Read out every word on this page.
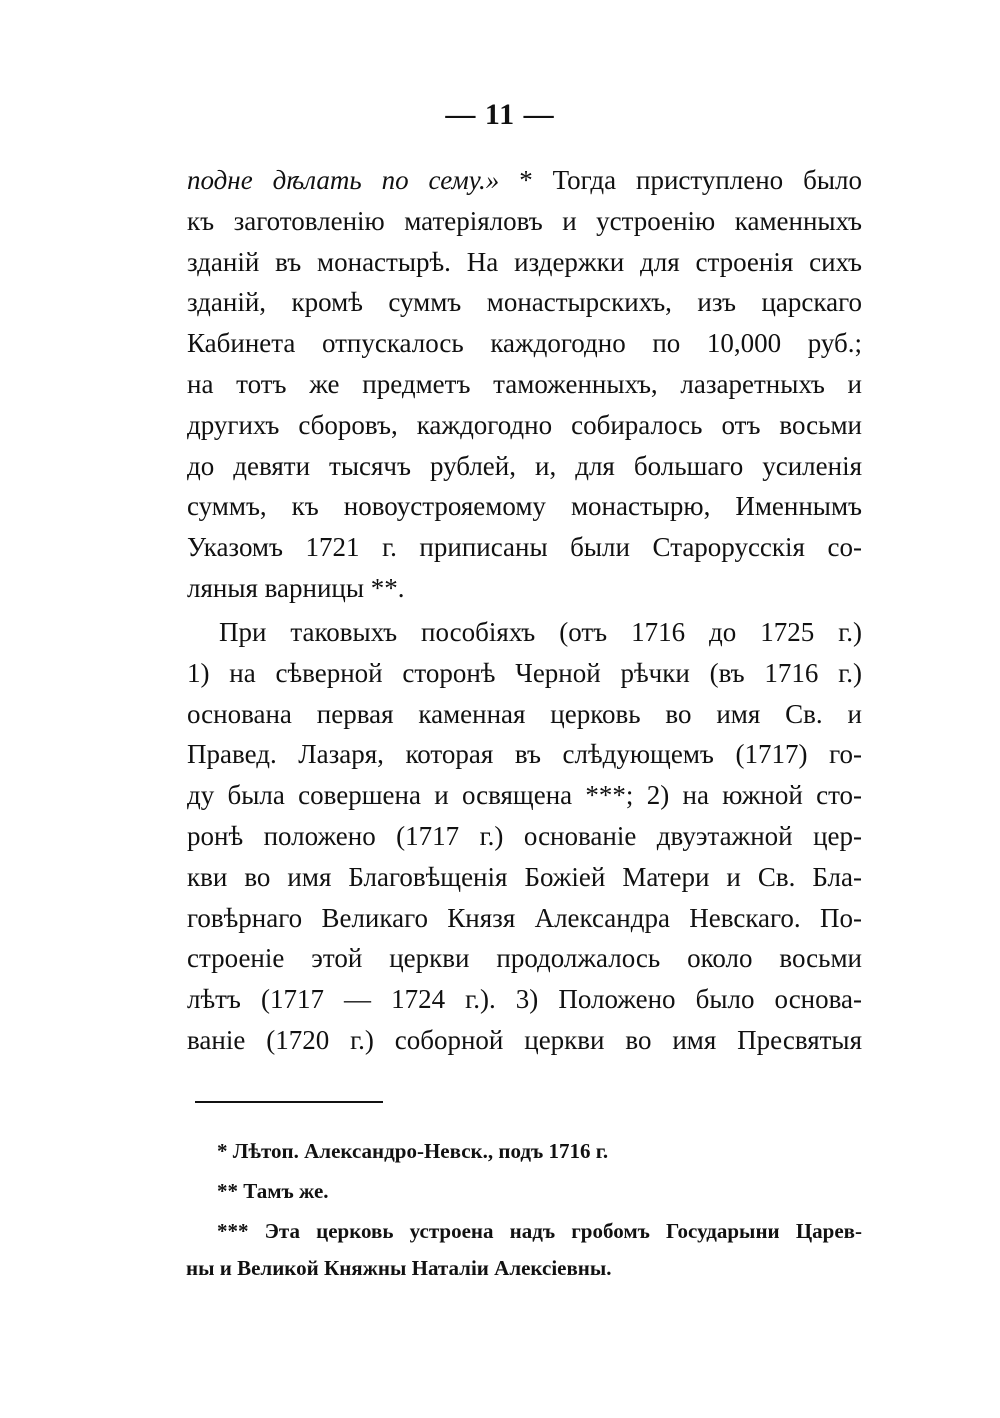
— 11 —
подне дѣлать по сему.» * Тогда приступлено было
къ заготовленію матеріяловъ и устроенію каменныхъ
зданій въ монастырѣ. На издержки для строенія сихъ
зданій, кромѣ суммъ монастырскихъ, изъ царскаго
Кабинета отпускалось каждогодно по 10,000 руб.;
на тотъ же предметъ таможенныхъ, лазаретныхъ и
другихъ сборовъ, каждогодно собиралось отъ восьми
до девяти тысячъ рублей, и, для большаго усиленія
суммъ, къ новоустрояемому монастырю, Именнымъ
Указомъ 1721 г. приписаны были Старорусскія со-
ляныя варницы **.
При таковыхъ пособіяхъ (отъ 1716 до 1725 г.)
1) на сѣверной сторонѣ Черной рѣчки (въ 1716 г.)
основана первая каменная церковь во имя Св. и
Правед. Лазаря, которая въ слѣдующемъ (1717) го-
ду была совершена и освящена ***; 2) на южной сто-
ронѣ положено (1717 г.) основаніе двуэтажной цер-
кви во имя Благовѣщенія Божіей Матери и Св. Бла-
говѣрнаго Великаго Князя Александра Невскаго. По-
строеніе этой церкви продолжалось около восьми
лѣтъ (1717 — 1724 г.). 3) Положено было основа-
ваніе (1720 г.) соборной церкви во имя Пресвятыя
* Лѣтоп. Александро-Невск., подъ 1716 г.
** Тамъ же.
*** Эта церковь устроена надъ гробомъ Государыни Царев-
ны и Великой Княжны Наталіи Алексіевны.
